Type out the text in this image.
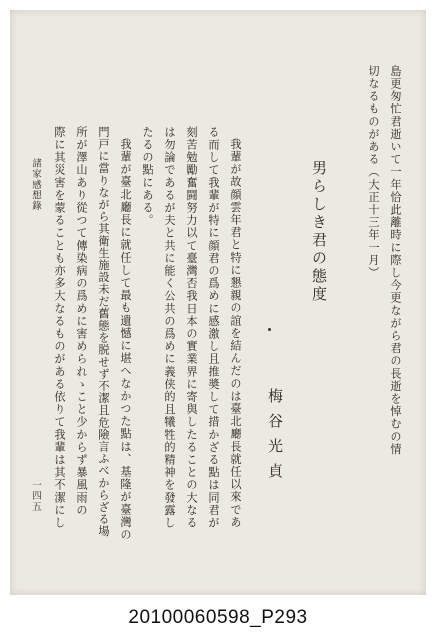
島更匆忙君逝いて一年恰此離時に際し今更ながら君の長逝を悼むの情
切なるものがある（大正十三年一月）
男らしき君の態度
梅谷光貞
我輩が故顔雲年君と特に懇親の誼を結んだのは臺北廳長就任以來であ
る而して我輩が特に顔君の爲めに感激し且推奬して措かざる點は同君が
刻苦勉勵奮闘努力以て臺灣否我日本の實業界に寄與したることの大なる
は勿論であるが夫と共に能く公共の爲めに義侠的且犧牲的精神を發露し
たるの點にある。
我輩が臺北廳長に就任して最も遺憾に堪へなかつた點は、基隆が臺灣の
門戸に當りながら其衛生施設未だ舊態を脱せず不潔且危險言ふべからざる場
所が澤山あり從つて傳染病の爲めに害められゝこと少からず暴風雨の
際に其災害を蒙ることも亦多大なるものがある依りて我輩は其不潔にし
諸家感想錄
一四五
20100060598_P293
